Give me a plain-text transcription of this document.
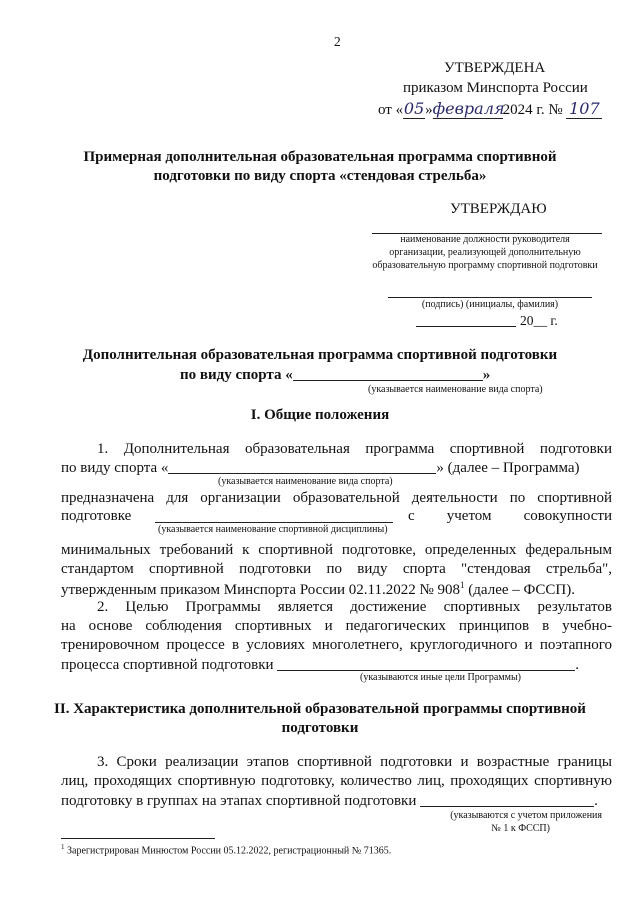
2
УТВЕРЖДЕНА
приказом Минспорта России
от «05»февраля2024 г. № 107
Примерная дополнительная образовательная программа спортивной
подготовки по виду спорта «стендовая стрельба»
УТВЕРЖДАЮ
наименование должности руководителя
организации, реализующей дополнительную
образовательную программу спортивной подготовки
(подпись) (инициалы, фамилия)
20__ г.
Дополнительная образовательная программа спортивной подготовки
по виду спорта «	»
(указывается наименование вида спорта)
I. Общие положения
1. Дополнительная образовательная программа спортивной подготовки
по виду спорта «	» (далее – Программа)
(указывается наименование вида спорта)
предназначена для организации образовательной деятельности по спортивной
подготовке	с учетом совокупности
(указывается наименование спортивной дисциплины)
минимальных требований к спортивной подготовке, определенных федеральным
стандартом спортивной подготовки по виду спорта "стендовая стрельба",
утвержденным приказом Минспорта России 02.11.2022 № $908^1$ (далее – ФССП).
2. Целью Программы является достижение спортивных результатов
на основе соблюдения спортивных и педагогических принципов в учебно-
тренировочном процессе в условиях многолетнего, круглогодичного и поэтапного
процесса спортивной подготовки	.
(указываются иные цели Программы)
II. Характеристика дополнительной образовательной программы спортивной
подготовки
3. Сроки реализации этапов спортивной подготовки и возрастные границы
лиц, проходящих спортивную подготовку, количество лиц, проходящих спортивную
подготовку в группах на этапах спортивной подготовки	.
(указываются с учетом приложения
№ 1 к ФССП)
$^1$ Зарегистрирован Минюстом России 05.12.2022, регистрационный № 71365.
